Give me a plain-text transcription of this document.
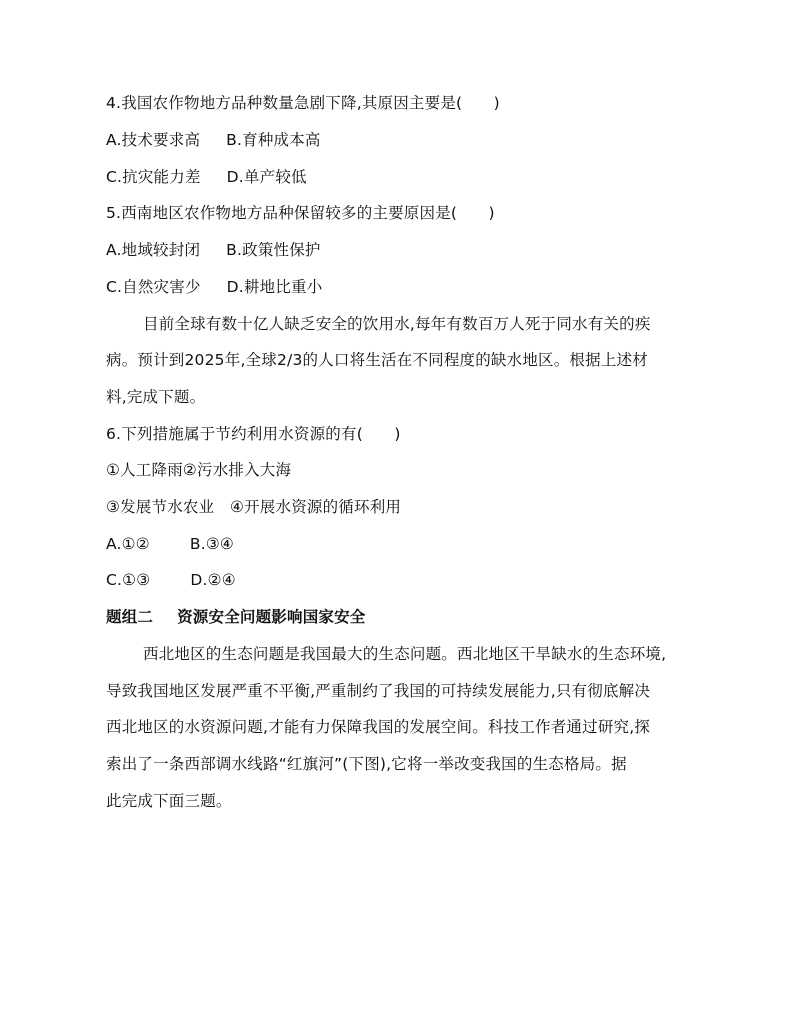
4.我国农作物地方品种数量急剧下降,其原因主要是(　　)
A.技术要求高 B.育种成本高
C.抗灾能力差 D.单产较低
5.西南地区农作物地方品种保留较多的主要原因是(　　)
A.地域较封闭 B.政策性保护
C.自然灾害少 D.耕地比重小
目前全球有数十亿人缺乏安全的饮用水,每年有数百万人死于同水有关的疾
病。预计到2025年,全球2/3的人口将生活在不同程度的缺水地区。根据上述材
料,完成下题。
6.下列措施属于节约利用水资源的有(　　)
①人工降雨②污水排入大海
③发展节水农业　④开展水资源的循环利用
A.①②	B.③④
C.①③	D.②④
题组二 资源安全问题影响国家安全
西北地区的生态问题是我国最大的生态问题。西北地区干旱缺水的生态环境,
导致我国地区发展严重不平衡,严重制约了我国的可持续发展能力,只有彻底解决
西北地区的水资源问题,才能有力保障我国的发展空间。科技工作者通过研究,探
索出了一条西部调水线路“红旗河”(下图),它将一举改变我国的生态格局。据
此完成下面三题。
